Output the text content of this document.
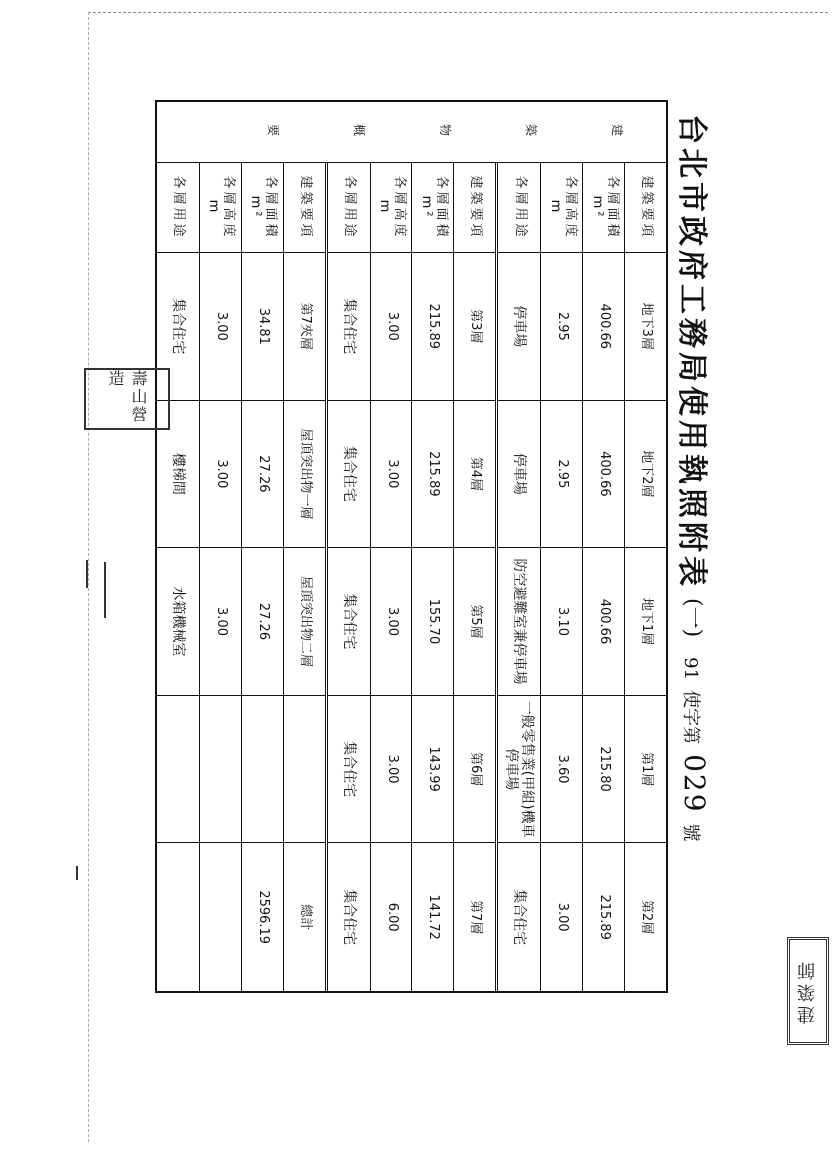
台北市政府工務局使用執照附表
(一)
91
使字第
029
號
建
築
物
概
要
建築要項
地下3層
地下2層
地下1層
第1層
第2層
各層面積m²
400.66
400.66
400.66
215.80
215.89
各層高度 m
2.95
2.95
3.10
3.60
3.00
各層用途
停車場
停車場
防空避難室兼停車場
一般零售業(甲組)機車停車場
集合住宅
建築要項
第3層
第4層
第5層
第6層
第7層
各層面積m²
215.89
215.89
155.70
143.99
141.72
各層高度 m
3.00
3.00
3.00
3.00
6.00
各層用途
集合住宅
集合住宅
集合住宅
集合住宅
集合住宅
建築要項
第7夾層
屋頂突出物一層
屋頂突出物二層
總計
各層面積m²
34.81
27.26
27.26
2596.19
各層高度 m
3.00
3.00
3.00
各層用途
集合住宅
樓梯間
水箱機械室
壽山營造
建築師
